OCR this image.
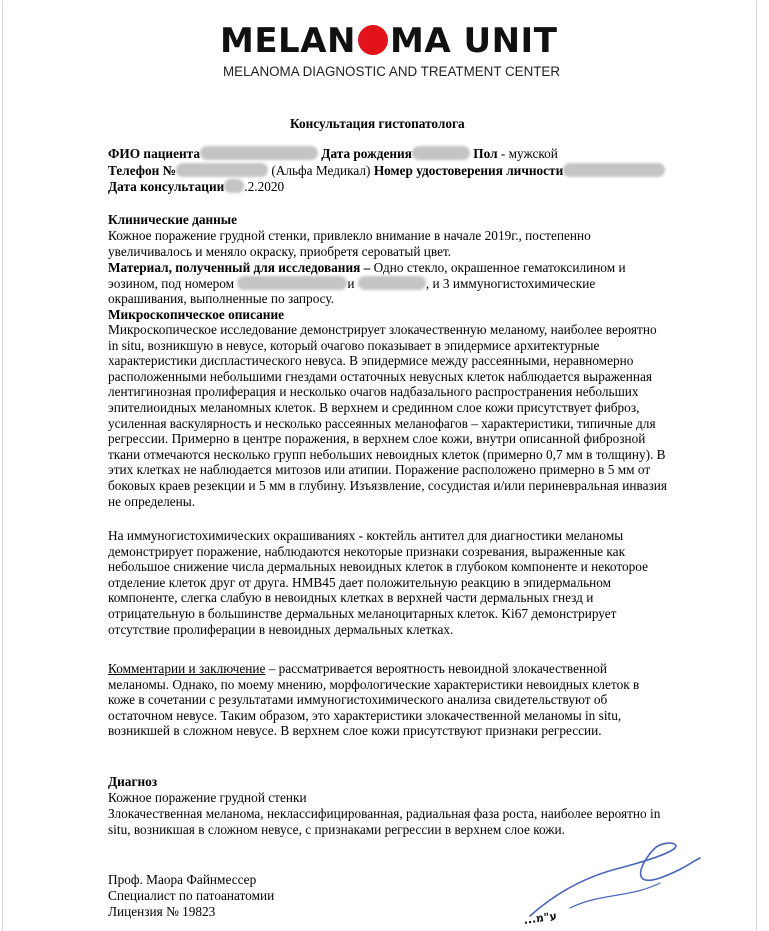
MELAN MA UNIT
MELANOMA DIAGNOSTIC AND TREATMENT CENTER
Консультация гистопатолога
ФИО пациента	Дата рождения	Пол - мужской
Телефон №	(Альфа Медикал) Номер удостоверения личности
Дата консультации .2.2020
Клинические данные
Кожное поражение грудной стенки, привлекло внимание в начале 2019г., постепенно увеличивалось и меняло окраску, приобретя сероватый цвет.
Материал, полученный для исследования – Одно стекло, окрашенное гематоксилином и
эозином, под номером	и	, и 3 иммуногистохимические
окрашивания, выполненные по запросу.
Микроскопическое описание
Микроскопическое исследование демонстрирует злокачественную меланому, наиболее вероятно in situ, возникшую в невусе, который очагово показывает в эпидермисе архитектурные характеристики диспластического невуса. В эпидермисе между рассеянными, неравномерно расположенными небольшими гнездами остаточных невусных клеток наблюдается выраженная лентигинозная пролиферация и несколько очагов надбазального распространения небольших эпителиоидных меланомных клеток. В верхнем и срединном слое кожи присутствует фиброз, усиленная васкулярность и несколько рассеянных меланофагов – характеристики, типичные для регрессии. Примерно в центре поражения, в верхнем слое кожи, внутри описанной фиброзной ткани отмечаются несколько групп небольших невоидных клеток (примерно 0,7 мм в толщину). В этих клетках не наблюдается митозов или атипии. Поражение расположено примерно в 5 мм от боковых краев резекции и 5 мм в глубину. Изъязвление, сосудистая и/или периневральная инвазия не определены.
На иммуногистохимических окрашиваниях - коктейль антител для диагностики меланомы демонстрирует поражение, наблюдаются некоторые признаки созревания, выраженные как небольшое снижение числа дермальных невоидных клеток в глубоком компоненте и некоторое отделение клеток друг от друга. HMB45 дает положительную реакцию в эпидермальном компоненте, слегка слабую в невоидных клетках в верхней части дермальных гнезд и отрицательную в большинстве дермальных меланоцитарных клеток. Ki67 демонстрирует отсутствие пролиферации в невоидных дермальных клетках.
Комментарии и заключение – рассматривается вероятность невоидной злокачественной меланомы. Однако, по моему мнению, морфологические характеристики невоидных клеток в коже в сочетании с результатами иммуногистохимического анализа свидетельствуют об остаточном невусе. Таким образом, это характеристики злокачественной меланомы in situ, возникшей в сложном невусе. В верхнем слое кожи присутствуют признаки регрессии.
Диагноз
Кожное поражение грудной стенки
Злокачественная меланома, неклассифицированная, радиальная фаза роста, наиболее вероятно in situ, возникшая в сложном невусе, с признаками регрессии в верхнем слое кожи.
Проф. Маора Файнмессер
Специалист по патоанатомии
Лицензия № 19823
...ע"מ
